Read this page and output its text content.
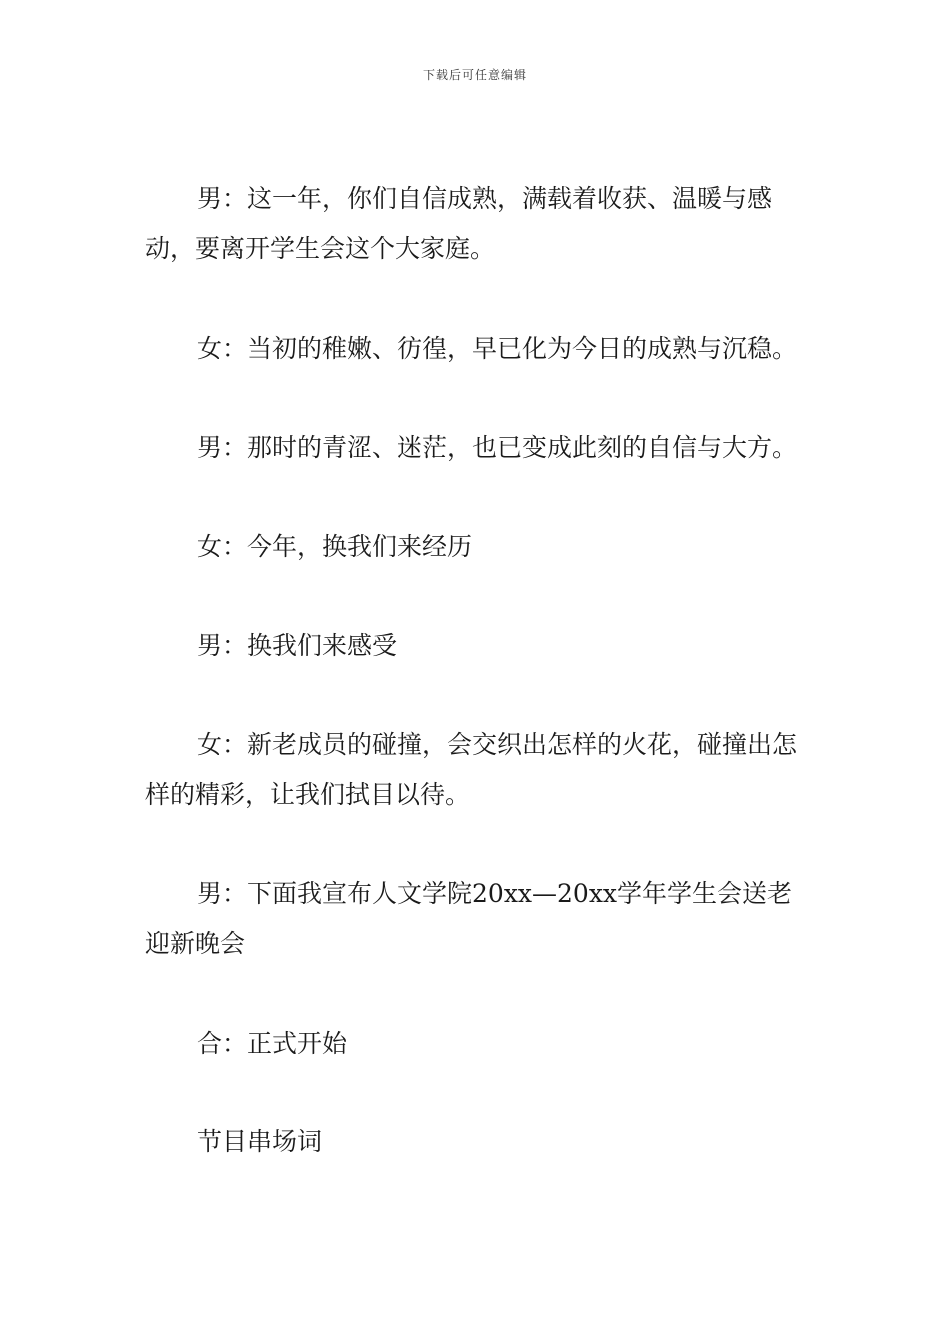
下载后可任意编辑

男：这一年，你们自信成熟，满载着收获、温暖与感动，要离开学生会这个大家庭。

女：当初的稚嫩、彷徨，早已化为今日的成熟与沉稳。

男：那时的青涩、迷茫，也已变成此刻的自信与大方。

女：今年，换我们来经历

男：换我们来感受

女：新老成员的碰撞，会交织出怎样的火花，碰撞出怎样的精彩，让我们拭目以待。

男：下面我宣布人文学院20xx—20xx学年学生会送老迎新晚会

合：正式开始

节目串场词
